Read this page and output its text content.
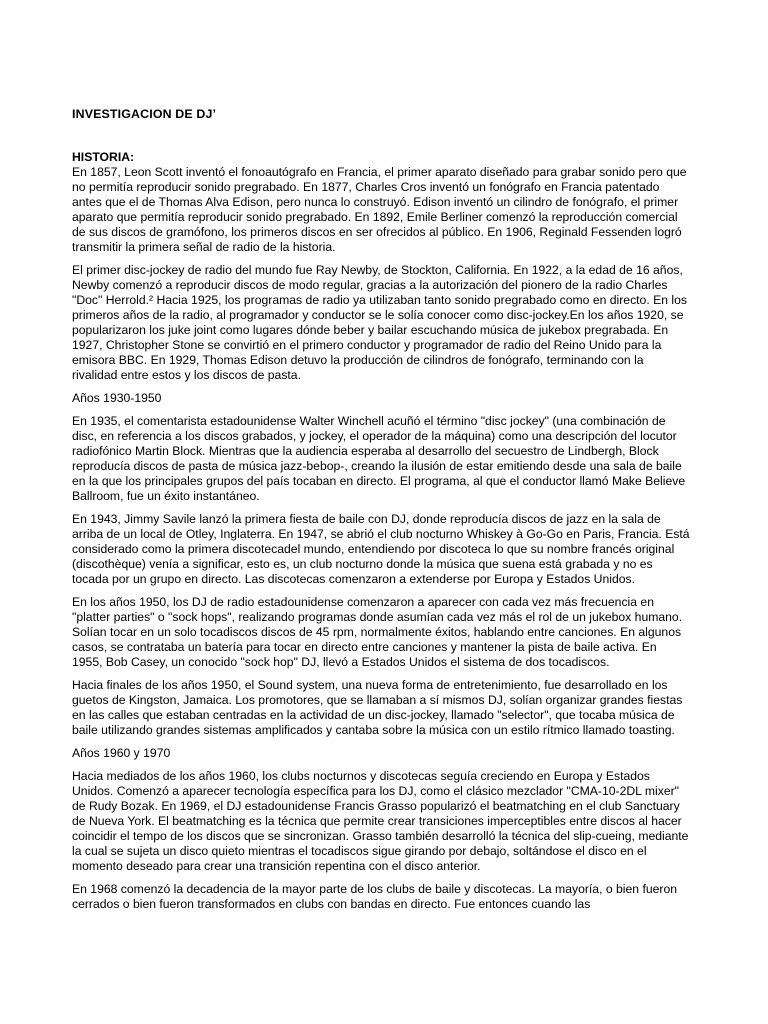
INVESTIGACION DE DJ’
HISTORIA:

En 1857, Leon Scott inventó el fonoautógrafo en Francia, el primer aparato diseñado para grabar sonido pero que no permitía reproducir sonido pregrabado. En 1877, Charles Cros inventó un fonógrafo en Francia patentado antes que el de Thomas Alva Edison, pero nunca lo construyó. Edison inventó un cilindro de fonógrafo, el primer aparato que permitía reproducir sonido pregrabado. En 1892, Emile Berliner comenzó la reproducción comercial de sus discos de gramófono, los primeros discos en ser ofrecidos al público. En 1906, Reginald Fessenden logró transmitir la primera señal de radio de la historia.

El primer disc-jockey de radio del mundo fue Ray Newby, de Stockton, California. En 1922, a la edad de 16 años, Newby comenzó a reproducir discos de modo regular, gracias a la autorización del pionero de la radio Charles "Doc" Herrold.² Hacia 1925, los programas de radio ya utilizaban tanto sonido pregrabado como en directo. En los primeros años de la radio, al programador y conductor se le solía conocer como disc-jockey.En los años 1920, se popularizaron los juke joint como lugares dónde beber y bailar escuchando música de jukebox pregrabada. En 1927, Christopher Stone se convirtió en el primero conductor y programador de radio del Reino Unido para la emisora BBC. En 1929, Thomas Edison detuvo la producción de cilindros de fonógrafo, terminando con la rivalidad entre estos y los discos de pasta.

Años 1930-1950

En 1935, el comentarista estadounidense Walter Winchell acuñó el término "disc jockey" (una combinación de disc, en referencia a los discos grabados, y jockey, el operador de la máquina) como una descripción del locutor radiofónico Martin Block. Mientras que la audiencia esperaba al desarrollo del secuestro de Lindbergh, Block reproducía discos de pasta de música jazz-bebop-, creando la ilusión de estar emitiendo desde una sala de baile en la que los principales grupos del país tocaban en directo. El programa, al que el conductor llamó Make Believe Ballroom, fue un éxito instantáneo.

En 1943, Jimmy Savile lanzó la primera fiesta de baile con DJ, donde reproducía discos de jazz en la sala de arriba de un local de Otley, Inglaterra. En 1947, se abrió el club nocturno Whiskey à Go-Go en Paris, Francia. Está considerado como la primera discotecadel mundo, entendiendo por discoteca lo que su nombre francés original (discothèque) venía a significar, esto es, un club nocturno donde la música que suena está grabada y no es tocada por un grupo en directo. Las discotecas comenzaron a extenderse por Europa y Estados Unidos.

En los años 1950, los DJ de radio estadounidense comenzaron a aparecer con cada vez más frecuencia en "platter parties" o "sock hops", realizando programas donde asumían cada vez más el rol de un jukebox humano. Solían tocar en un solo tocadiscos discos de 45 rpm, normalmente éxitos, hablando entre canciones. En algunos casos, se contrataba un batería para tocar en directo entre canciones y mantener la pista de baile activa. En 1955, Bob Casey, un conocido "sock hop" DJ, llevó a Estados Unidos el sistema de dos tocadiscos.

Hacia finales de los años 1950, el Sound system, una nueva forma de entretenimiento, fue desarrollado en los guetos de Kingston, Jamaica. Los promotores, que se llamaban a sí mismos DJ, solían organizar grandes fiestas en las calles que estaban centradas en la actividad de un disc-jockey, llamado "selector", que tocaba música de baile utilizando grandes sistemas amplificados y cantaba sobre la música con un estilo rítmico llamado toasting.

Años 1960 y 1970

Hacia mediados de los años 1960, los clubs nocturnos y discotecas seguía creciendo en Europa y Estados Unidos. Comenzó a aparecer tecnología específica para los DJ, como el clásico mezclador "CMA-10-2DL mixer" de Rudy Bozak. En 1969, el DJ estadounidense Francis Grasso popularizó el beatmatching en el club Sanctuary de Nueva York. El beatmatching es la técnica que permite crear transiciones imperceptibles entre discos al hacer coincidir el tempo de los discos que se sincronizan. Grasso también desarrolló la técnica del slip-cueing, mediante la cual se sujeta un disco quieto mientras el tocadiscos sigue girando por debajo, soltándose el disco en el momento deseado para crear una transición repentina con el disco anterior.

En 1968 comenzó la decadencia de la mayor parte de los clubs de baile y discotecas. La mayoría, o bien fueron cerrados o bien fueron transformados en clubs con bandas en directo. Fue entonces cuando las
